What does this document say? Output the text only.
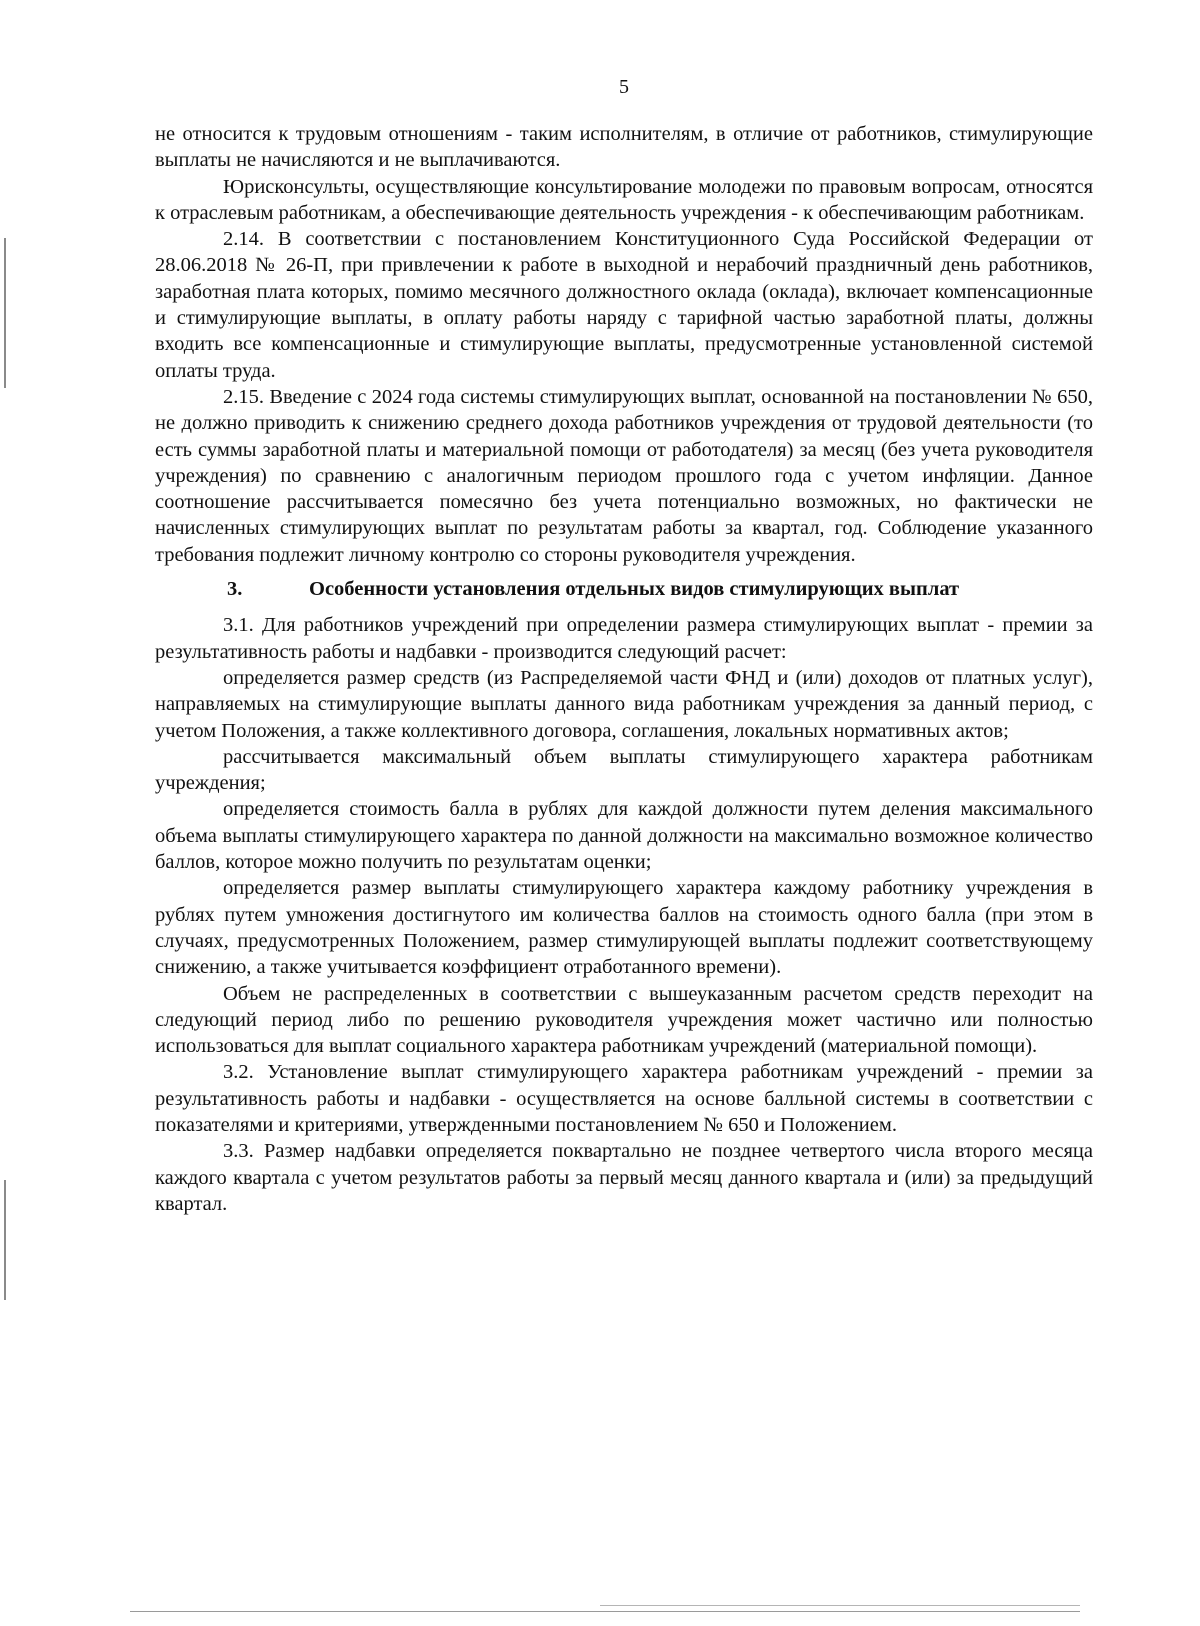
5

не относится к трудовым отношениям - таким исполнителям, в отличие от работников, стимулирующие выплаты не начисляются и не выплачиваются.

Юрисконсульты, осуществляющие консультирование молодежи по правовым вопросам, относятся к отраслевым работникам, а обеспечивающие деятельность учреждения - к обеспечивающим работникам.

2.14. В соответствии с постановлением Конституционного Суда Российской Федерации от 28.06.2018 № 26-П, при привлечении к работе в выходной и нерабочий праздничный день работников, заработная плата которых, помимо месячного должностного оклада (оклада), включает компенсационные и стимулирующие выплаты, в оплату работы наряду с тарифной частью заработной платы, должны входить все компенсационные и стимулирующие выплаты, предусмотренные установленной системой оплаты труда.

2.15. Введение с 2024 года системы стимулирующих выплат, основанной на постановлении № 650, не должно приводить к снижению среднего дохода работников учреждения от трудовой деятельности (то есть суммы заработной платы и материальной помощи от работодателя) за месяц (без учета руководителя учреждения) по сравнению с аналогичным периодом прошлого года с учетом инфляции. Данное соотношение рассчитывается помесячно без учета потенциально возможных, но фактически не начисленных стимулирующих выплат по результатам работы за квартал, год. Соблюдение указанного требования подлежит личному контролю со стороны руководителя учреждения.

3.	Особенности установления отдельных видов стимулирующих выплат

3.1. Для работников учреждений при определении размера стимулирующих выплат - премии за результативность работы и надбавки - производится следующий расчет:

определяется размер средств (из Распределяемой части ФНД и (или) доходов от платных услуг), направляемых на стимулирующие выплаты данного вида работникам учреждения за данный период, с учетом Положения, а также коллективного договора, соглашения, локальных нормативных актов;

рассчитывается максимальный объем выплаты стимулирующего характера работникам учреждения;

определяется стоимость балла в рублях для каждой должности путем деления максимального объема выплаты стимулирующего характера по данной должности на максимально возможное количество баллов, которое можно получить по результатам оценки;

определяется размер выплаты стимулирующего характера каждому работнику учреждения в рублях путем умножения достигнутого им количества баллов на стоимость одного балла (при этом в случаях, предусмотренных Положением, размер стимулирующей выплаты подлежит соответствующему снижению, а также учитывается коэффициент отработанного времени).

Объем не распределенных в соответствии с вышеуказанным расчетом средств переходит на следующий период либо по решению руководителя учреждения может частично или полностью использоваться для выплат социального характера работникам учреждений (материальной помощи).

3.2. Установление выплат стимулирующего характера работникам учреждений - премии за результативность работы и надбавки - осуществляется на основе балльной системы в соответствии с показателями и критериями, утвержденными постановлением № 650 и Положением.

3.3. Размер надбавки определяется поквартально не позднее четвертого числа второго месяца каждого квартала с учетом результатов работы за первый месяц данного квартала и (или) за предыдущий квартал.
